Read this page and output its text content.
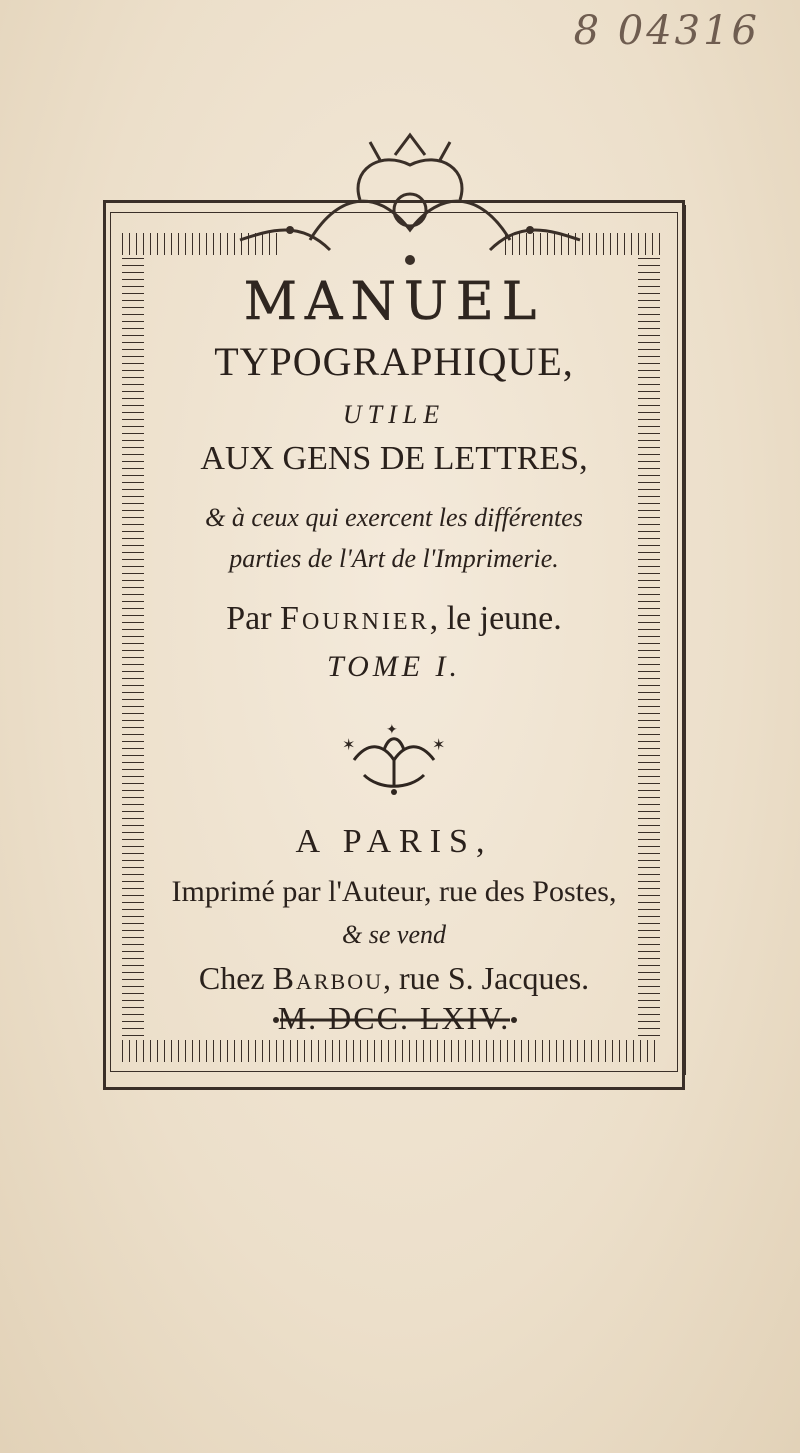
8 04316
MANUEL
TYPOGRAPHIQUE,
UTILE
AUX GENS DE LETTRES,
& à ceux qui exercent les différentes
parties de l'Art de l'Imprimerie.
Par Fournier, le jeune.
TOME I.
✶	✶
✦
A PARIS,
Imprimé par l'Auteur, rue des Postes,
& se vend
Chez Barbou, rue S. Jacques.
M. DCC. LXIV.
